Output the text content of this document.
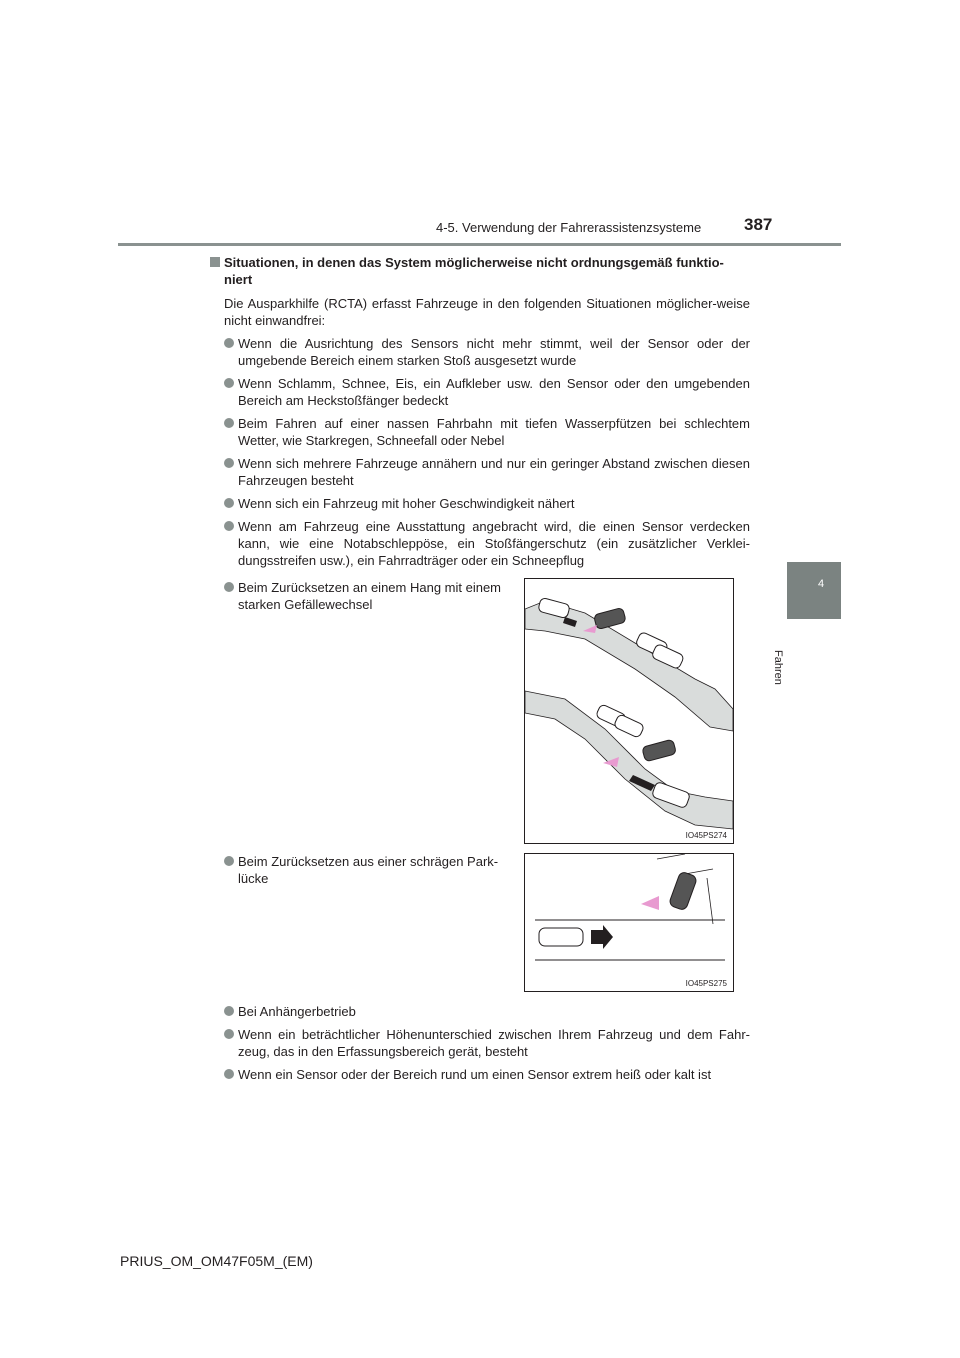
4-5. Verwendung der Fahrerassistenzsysteme	387
4
Fahren
Situationen, in denen das System möglicherweise nicht ordnungsgemäß funktio-niert
Die Ausparkhilfe (RCTA) erfasst Fahrzeuge in den folgenden Situationen möglicher-weise nicht einwandfrei:
Wenn die Ausrichtung des Sensors nicht mehr stimmt, weil der Sensor oder der umgebende Bereich einem starken Stoß ausgesetzt wurde
Wenn Schlamm, Schnee, Eis, ein Aufkleber usw. den Sensor oder den umgebenden Bereich am Heckstoßfänger bedeckt
Beim Fahren auf einer nassen Fahrbahn mit tiefen Wasserpfützen bei schlechtem Wetter, wie Starkregen, Schneefall oder Nebel
Wenn sich mehrere Fahrzeuge annähern und nur ein geringer Abstand zwischen diesen Fahrzeugen besteht
Wenn sich ein Fahrzeug mit hoher Geschwindigkeit nähert
Wenn am Fahrzeug eine Ausstattung angebracht wird, die einen Sensor verdecken kann, wie eine Notabschleppöse, ein Stoßfängerschutz (ein zusätzlicher Verklei-dungsstreifen usw.), ein Fahrradträger oder ein Schneepflug
Beim Zurücksetzen an einem Hang mit einem starken Gefällewechsel
IO45PS274
Beim Zurücksetzen aus einer schrägen Park-lücke
IO45PS275
Bei Anhängerbetrieb
Wenn ein beträchtlicher Höhenunterschied zwischen Ihrem Fahrzeug und dem Fahr-zeug, das in den Erfassungsbereich gerät, besteht
Wenn ein Sensor oder der Bereich rund um einen Sensor extrem heiß oder kalt ist
PRIUS_OM_OM47F05M_(EM)
